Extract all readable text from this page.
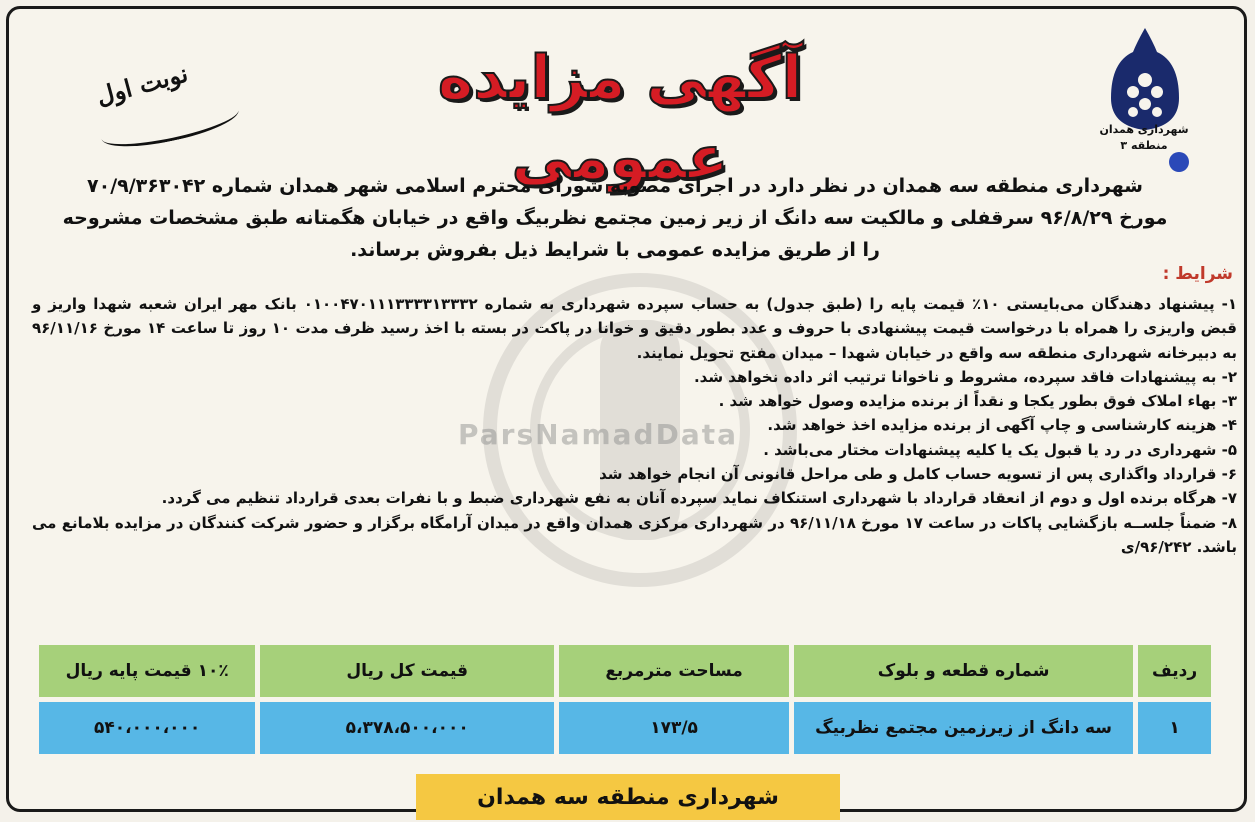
ParsNamadData
شهرداری همدان
منطقه ۳
آگهی مزایده عمومی
نوبت اول
شهرداری منطقه سه همدان در نظر دارد در اجرای مصوبه شورای محترم اسلامی شهر همدان شماره ۷۰/۹/۳۶۳۰۴۲ مورخ ۹۶/۸/۲۹ سرقفلی و مالکیت سه دانگ از زیر زمین مجتمع نظربیگ واقع در خیابان هگمتانه طبق مشخصات مشروحه را از طریق مزایده عمومی با شرایط ذیل بفروش برساند.
شرایط :

۱- پیشنهاد دهندگان می‌بایستی ۱۰٪ قیمت پایه را (طبق جدول) به حساب سپرده شهرداری به شماره ۰۱۰۰۴۷۰۱۱۱۳۳۳۳۱۳۳۳۲ بانک مهر ایران شعبه شهدا واریز و قبض واریزی را همراه با درخواست قیمت پیشنهادی با حروف و عدد بطور دقیق و خوانا در پاکت در بسته با اخذ رسید ظرف مدت ۱۰ روز تا ساعت ۱۴ مورخ ۹۶/۱۱/۱۶ به دبیرخانه شهرداری منطقه سه واقع در خیابان شهدا – میدان مفتح تحویل نمایند.

۲- به پیشنهادات فاقد سپرده، مشروط و ناخوانا ترتیب اثر داده نخواهد شد.

۳- بهاء املاک فوق بطور یکجا و نقداً از برنده مزایده وصول خواهد شد .

۴- هزینه کارشناسی و چاپ آگهی از برنده مزایده اخذ خواهد شد.

۵- شهرداری در رد یا قبول یک یا کلیه پیشنهادات مختار می‌باشد .

۶- قرارداد واگذاری پس از تسویه حساب کامل و طی مراحل قانونی آن انجام خواهد شد

۷- هرگاه برنده اول و دوم از انعقاد قرارداد با شهرداری استنکاف نماید سپرده آنان به نفع شهرداری ضبط و با نفرات بعدی قرارداد تنظیم می گردد.

۸- ضمناً جلســه بازگشایی پاکات در ساعت ۱۷ مورخ ۹۶/۱۱/۱۸ در شهرداری مرکزی همدان واقع در میدان آرامگاه برگزار و حضور شرکت کنندگان در مزایده بلامانع می باشد. ۹۶/۲۴۲/ی

ردیف	شماره قطعه و بلوک	مساحت مترمربع	قیمت کل ریال	۱۰٪ قیمت پایه ریال
۱	سه دانگ از زیرزمین مجتمع نظربیگ	۱۷۳/۵	۵،۳۷۸،۵۰۰،۰۰۰	۵۴۰،۰۰۰،۰۰۰
شهرداری منطقه سه همدان
